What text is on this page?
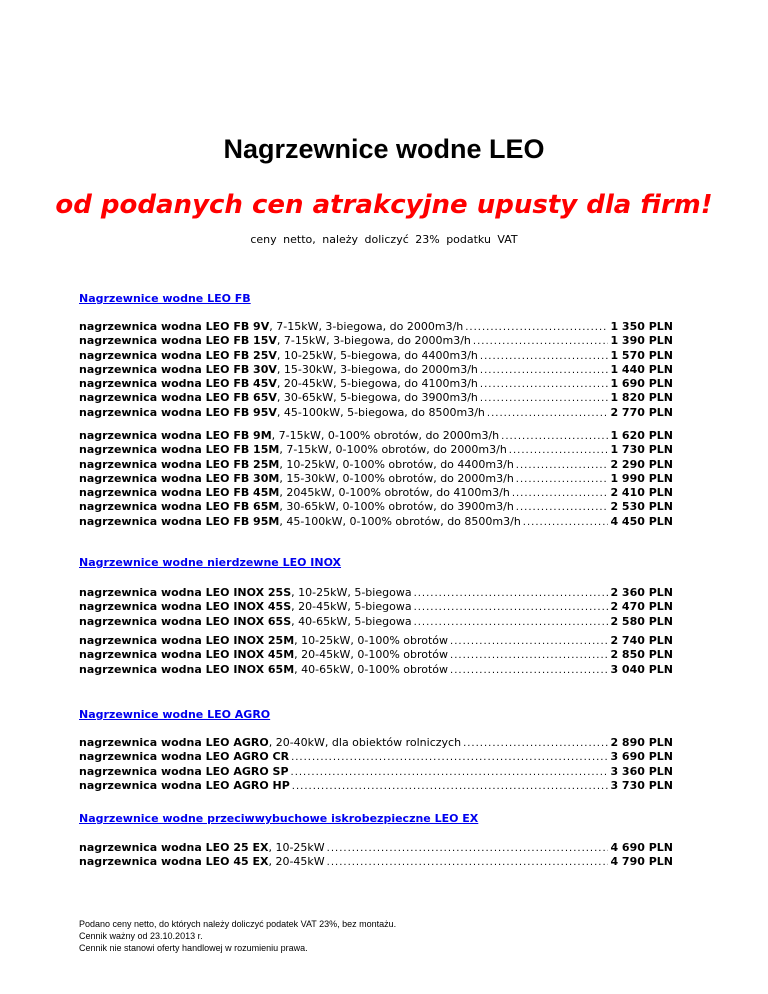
Nagrzewnice wodne LEO
od podanych cen atrakcyjne upusty dla firm!
ceny netto, należy doliczyć 23% podatku VAT
Nagrzewnice wodne LEO FB
nagrzewnica wodna LEO FB 9V, 7-15kW, 3-biegowa, do 2000m3/h .....	1 350 PLN
nagrzewnica wodna LEO FB 15V, 7-15kW, 3-biegowa, do 2000m3/h .....	1 390 PLN
nagrzewnica wodna LEO FB 25V, 10-25kW, 5-biegowa, do 4400m3/h .....	1 570 PLN
nagrzewnica wodna LEO FB 30V, 15-30kW, 3-biegowa, do 2000m3/h .....	1 440 PLN
nagrzewnica wodna LEO FB 45V, 20-45kW, 5-biegowa, do 4100m3/h .....	1 690 PLN
nagrzewnica wodna LEO FB 65V, 30-65kW, 5-biegowa, do 3900m3/h .....	1 820 PLN
nagrzewnica wodna LEO FB 95V, 45-100kW, 5-biegowa, do 8500m3/h .....	2 770 PLN
nagrzewnica wodna LEO FB 9M, 7-15kW, 0-100% obrotów, do 2000m3/h .....	1 620 PLN
nagrzewnica wodna LEO FB 15M, 7-15kW, 0-100% obrotów, do 2000m3/h .....	1 730 PLN
nagrzewnica wodna LEO FB 25M, 10-25kW, 0-100% obrotów, do 4400m3/h .....	2 290 PLN
nagrzewnica wodna LEO FB 30M, 15-30kW, 0-100% obrotów, do 2000m3/h .....	1 990 PLN
nagrzewnica wodna LEO FB 45M, 2045kW, 0-100% obrotów, do 4100m3/h .....	2 410 PLN
nagrzewnica wodna LEO FB 65M, 30-65kW, 0-100% obrotów, do 3900m3/h .....	2 530 PLN
nagrzewnica wodna LEO FB 95M, 45-100kW, 0-100% obrotów, do 8500m3/h .....	4 450 PLN
Nagrzewnice wodne nierdzewne LEO INOX
nagrzewnica wodna LEO INOX 25S, 10-25kW, 5-biegowa .....	2 360 PLN
nagrzewnica wodna LEO INOX 45S, 20-45kW, 5-biegowa .....	2 470 PLN
nagrzewnica wodna LEO INOX 65S, 40-65kW, 5-biegowa .....	2 580 PLN
nagrzewnica wodna LEO INOX 25M, 10-25kW, 0-100% obrotów .....	2 740 PLN
nagrzewnica wodna LEO INOX 45M, 20-45kW, 0-100% obrotów .....	2 850 PLN
nagrzewnica wodna LEO INOX 65M, 40-65kW, 0-100% obrotów .....	3 040 PLN
Nagrzewnice wodne LEO AGRO
nagrzewnica wodna LEO AGRO, 20-40kW, dla obiektów rolniczych .....	2 890 PLN
nagrzewnica wodna LEO AGRO CR .....	3 690 PLN
nagrzewnica wodna LEO AGRO SP .....	3 360 PLN
nagrzewnica wodna LEO AGRO HP .....	3 730 PLN
Nagrzewnice wodne przeciwwybuchowe iskrobezpieczne LEO EX
nagrzewnica wodna LEO 25 EX, 10-25kW .....	4 690 PLN
nagrzewnica wodna LEO 45 EX, 20-45kW .....	4 790 PLN
Podano ceny netto, do których należy doliczyć podatek VAT 23%, bez montażu.
Cennik ważny od 23.10.2013 r.
Cennik nie stanowi oferty handlowej w rozumieniu prawa.
